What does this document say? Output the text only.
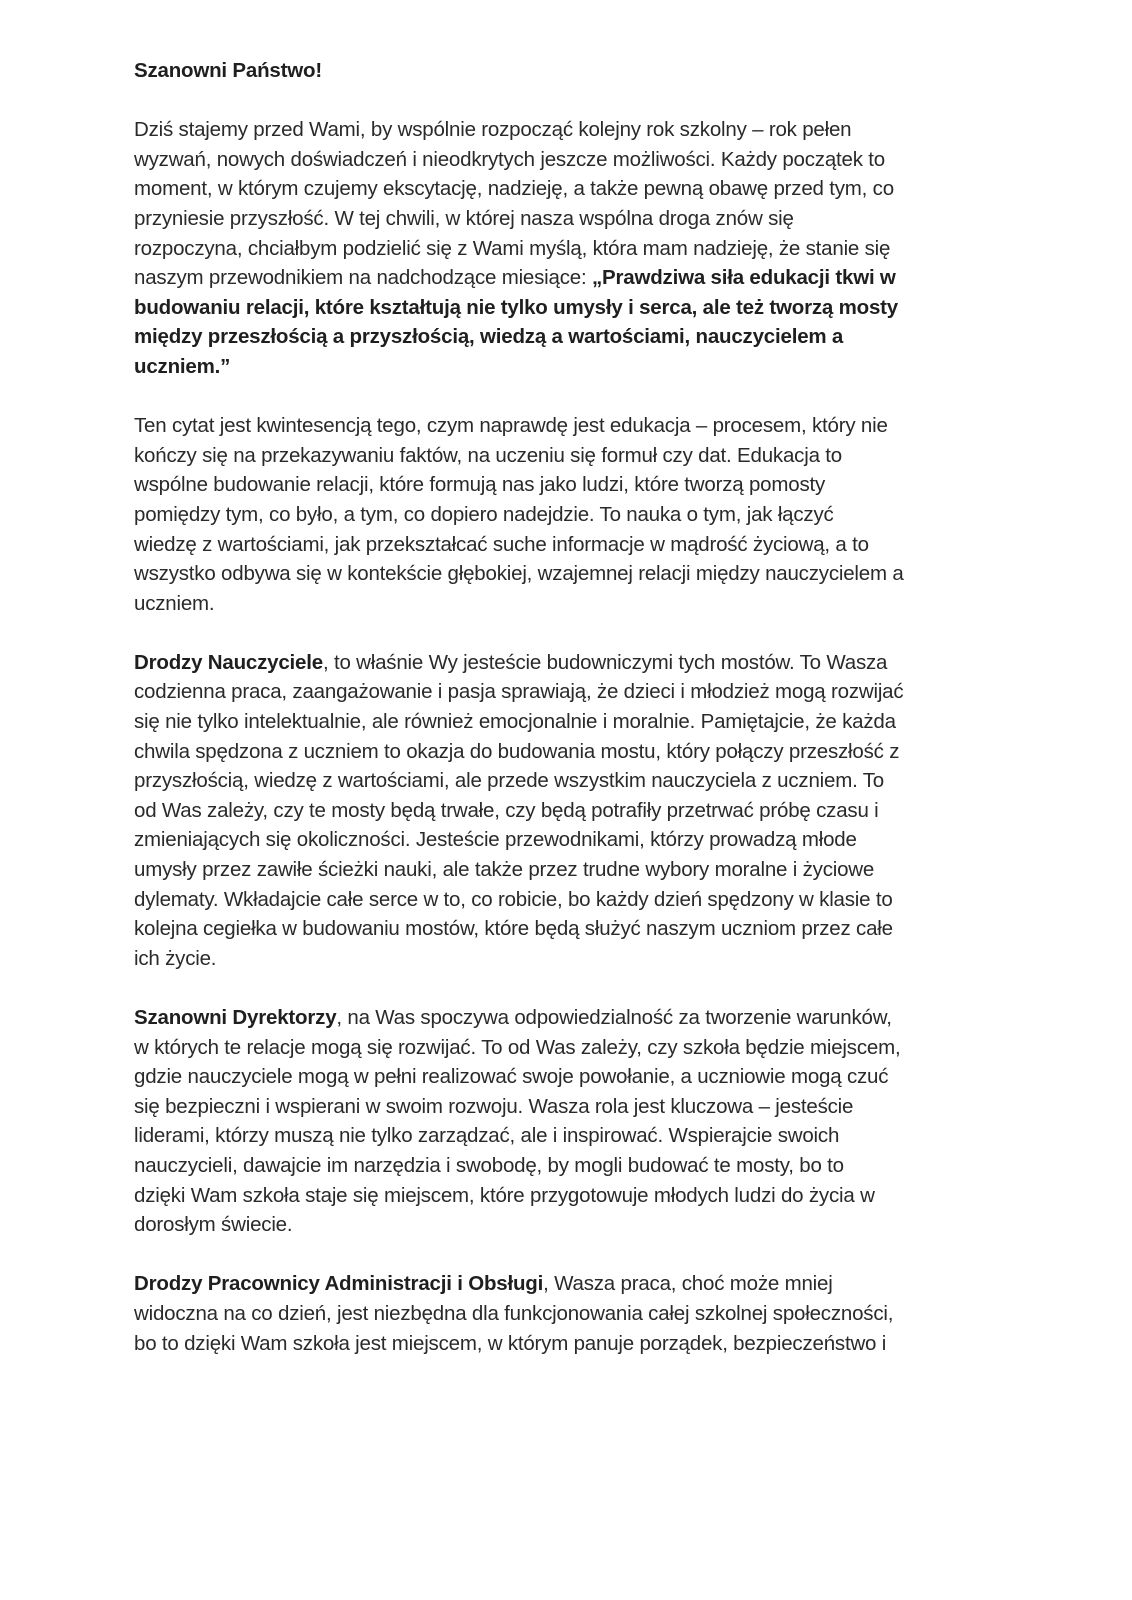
Szanowni Państwo!

Dziś stajemy przed Wami, by wspólnie rozpocząć kolejny rok szkolny – rok pełen
wyzwań, nowych doświadczeń i nieodkrytych jeszcze możliwości. Każdy początek to
moment, w którym czujemy ekscytację, nadzieję, a także pewną obawę przed tym, co
przyniesie przyszłość. W tej chwili, w której nasza wspólna droga znów się
rozpoczyna, chciałbym podzielić się z Wami myślą, która mam nadzieję, że stanie się
naszym przewodnikiem na nadchodzące miesiące: „Prawdziwa siła edukacji tkwi w
budowaniu relacji, które kształtują nie tylko umysły i serca, ale też tworzą mosty
między przeszłością a przyszłością, wiedzą a wartościami, nauczycielem a
uczniem.”

Ten cytat jest kwintesencją tego, czym naprawdę jest edukacja – procesem, który nie
kończy się na przekazywaniu faktów, na uczeniu się formuł czy dat. Edukacja to
wspólne budowanie relacji, które formują nas jako ludzi, które tworzą pomosty
pomiędzy tym, co było, a tym, co dopiero nadejdzie. To nauka o tym, jak łączyć
wiedzę z wartościami, jak przekształcać suche informacje w mądrość życiową, a to
wszystko odbywa się w kontekście głębokiej, wzajemnej relacji między nauczycielem a
uczniem.

Drodzy Nauczyciele, to właśnie Wy jesteście budowniczymi tych mostów. To Wasza
codzienna praca, zaangażowanie i pasja sprawiają, że dzieci i młodzież mogą rozwijać
się nie tylko intelektualnie, ale również emocjonalnie i moralnie. Pamiętajcie, że każda
chwila spędzona z uczniem to okazja do budowania mostu, który połączy przeszłość z
przyszłością, wiedzę z wartościami, ale przede wszystkim nauczyciela z uczniem. To
od Was zależy, czy te mosty będą trwałe, czy będą potrafiły przetrwać próbę czasu i
zmieniających się okoliczności. Jesteście przewodnikami, którzy prowadzą młode
umysły przez zawiłe ścieżki nauki, ale także przez trudne wybory moralne i życiowe
dylematy. Wkładajcie całe serce w to, co robicie, bo każdy dzień spędzony w klasie to
kolejna cegiełka w budowaniu mostów, które będą służyć naszym uczniom przez całe
ich życie.

Szanowni Dyrektorzy, na Was spoczywa odpowiedzialność za tworzenie warunków,
w których te relacje mogą się rozwijać. To od Was zależy, czy szkoła będzie miejscem,
gdzie nauczyciele mogą w pełni realizować swoje powołanie, a uczniowie mogą czuć
się bezpieczni i wspierani w swoim rozwoju. Wasza rola jest kluczowa – jesteście
liderami, którzy muszą nie tylko zarządzać, ale i inspirować. Wspierajcie swoich
nauczycieli, dawajcie im narzędzia i swobodę, by mogli budować te mosty, bo to
dzięki Wam szkoła staje się miejscem, które przygotowuje młodych ludzi do życia w
dorosłym świecie.

Drodzy Pracownicy Administracji i Obsługi, Wasza praca, choć może mniej
widoczna na co dzień, jest niezbędna dla funkcjonowania całej szkolnej społeczności,
bo to dzięki Wam szkoła jest miejscem, w którym panuje porządek, bezpieczeństwo i
